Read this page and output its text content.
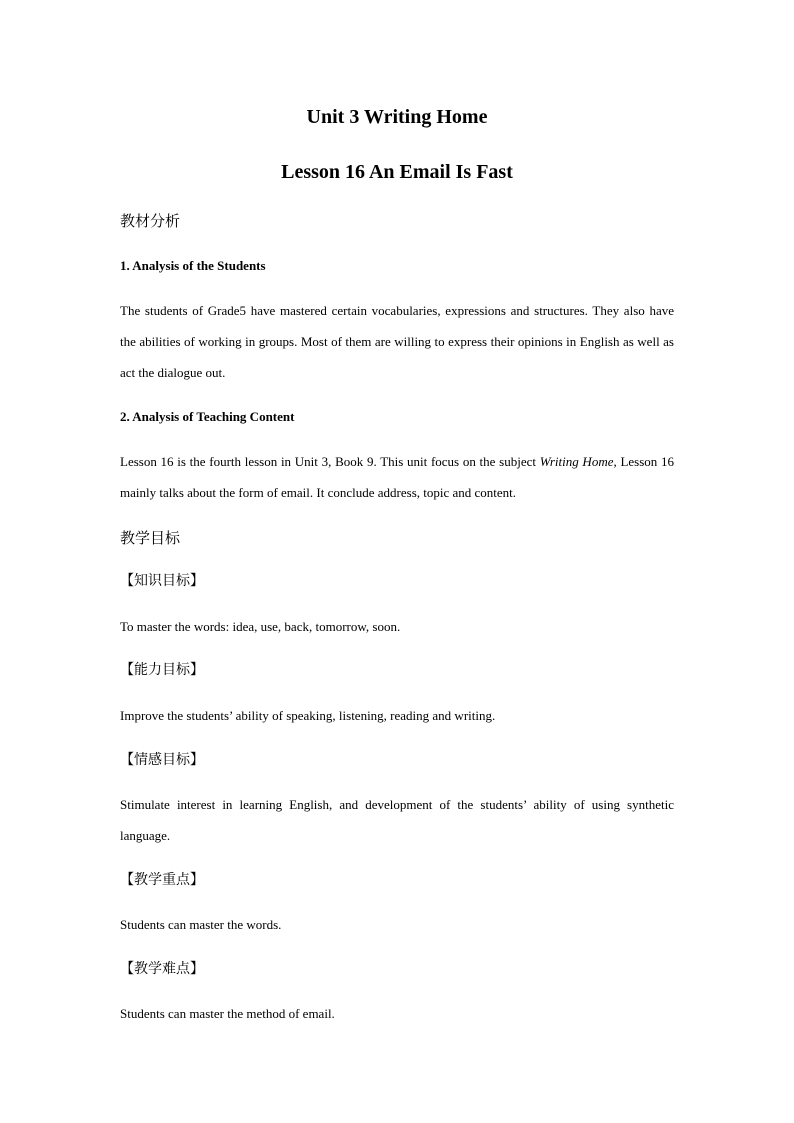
Unit 3 Writing Home
Lesson 16 An Email Is Fast
教材分析
1. Analysis of the Students

The students of Grade5 have mastered certain vocabularies, expressions and structures. They also have the abilities of working in groups. Most of them are willing to express their opinions in English as well as act the dialogue out.

2. Analysis of Teaching Content

Lesson 16 is the fourth lesson in Unit 3, Book 9. This unit focus on the subject Writing Home, Lesson 16 mainly talks about the form of email. It conclude address, topic and content.

教学目标
【知识目标】
To master the words: idea, use, back, tomorrow, soon.
【能力目标】
Improve the students’ ability of speaking, listening, reading and writing.
【情感目标】

Stimulate interest in learning English, and development of the students’ ability of using synthetic language.

【教学重点】
Students can master the words.
【教学难点】
Students can master the method of email.
